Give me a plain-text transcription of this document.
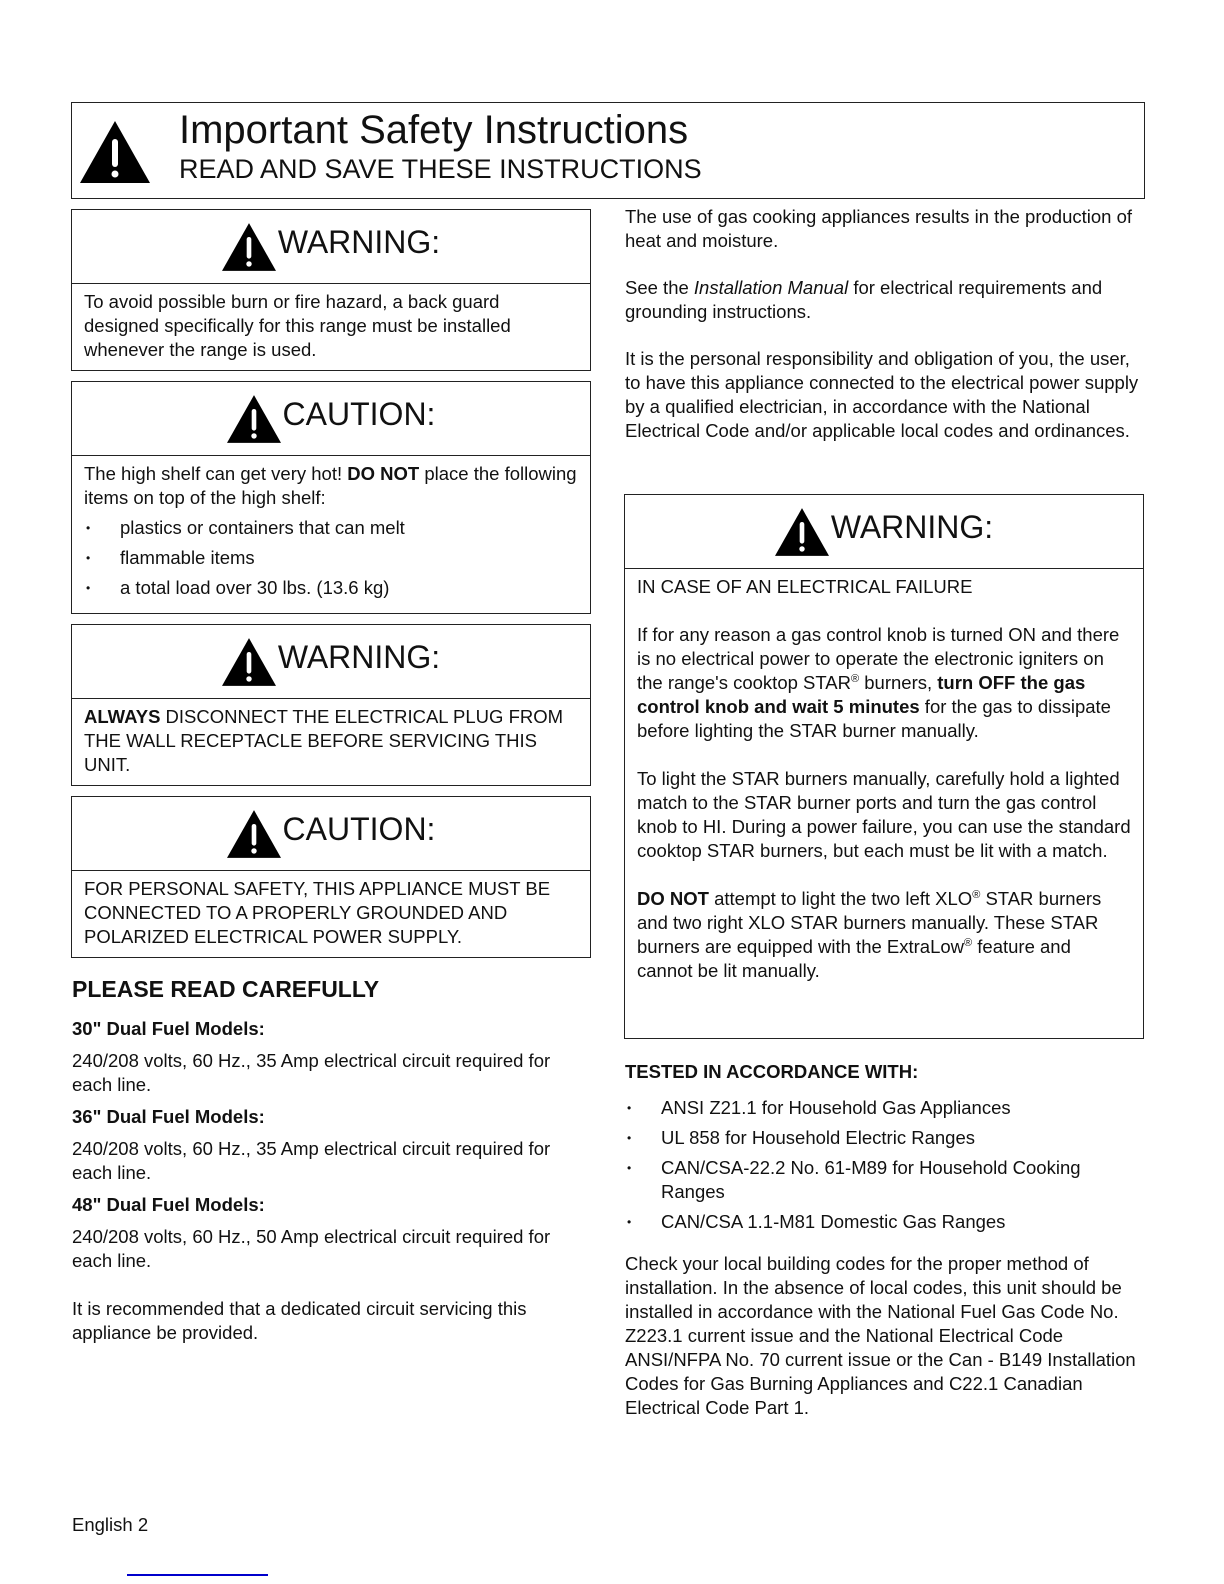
Important Safety Instructions
READ AND SAVE THESE INSTRUCTIONS
WARNING:

To avoid possible burn or fire hazard, a back guard designed specifically for this range must be installed whenever the range is used.

CAUTION:

The high shelf can get very hot! DO NOT place the following items on top of the high shelf:

• plastics or containers that can melt
• flammable items
• a total load over 30 lbs. (13.6 kg)
WARNING:

ALWAYS DISCONNECT THE ELECTRICAL PLUG FROM THE WALL RECEPTACLE BEFORE SERVICING THIS UNIT.

CAUTION:

FOR PERSONAL SAFETY, THIS APPLIANCE MUST BE CONNECTED TO A PROPERLY GROUNDED AND POLARIZED ELECTRICAL POWER SUPPLY.

PLEASE READ CAREFULLY
30" Dual Fuel Models:

240/208 volts, 60 Hz., 35 Amp electrical circuit required for each line.

36" Dual Fuel Models:

240/208 volts, 60 Hz., 35 Amp electrical circuit required for each line.

48" Dual Fuel Models:

240/208 volts, 60 Hz., 50 Amp electrical circuit required for each line.

It is recommended that a dedicated circuit servicing this appliance be provided.

The use of gas cooking appliances results in the production of heat and moisture.

See the Installation Manual for electrical requirements and grounding instructions.

It is the personal responsibility and obligation of you, the user, to have this appliance connected to the electrical power supply by a qualified electrician, in accordance with the National Electrical Code and/or applicable local codes and ordinances.

WARNING:

IN CASE OF AN ELECTRICAL FAILURE

If for any reason a gas control knob is turned ON and there is no electrical power to operate the electronic igniters on the range's cooktop STAR® burners, turn OFF the gas control knob and wait 5 minutes for the gas to dissipate before lighting the STAR burner manually.

To light the STAR burners manually, carefully hold a lighted match to the STAR burner ports and turn the gas control knob to HI. During a power failure, you can use the standard cooktop STAR burners, but each must be lit with a match.

DO NOT attempt to light the two left XLO® STAR burners and two right XLO STAR burners manually. These STAR burners are equipped with the ExtraLow® feature and cannot be lit manually.

TESTED IN ACCORDANCE WITH:
• ANSI Z21.1 for Household Gas Appliances
• UL 858 for Household Electric Ranges
• CAN/CSA-22.2 No. 61-M89 for Household Cooking Ranges
• CAN/CSA 1.1-M81 Domestic Gas Ranges

Check your local building codes for the proper method of installation. In the absence of local codes, this unit should be installed in accordance with the National Fuel Gas Code No. Z223.1 current issue and the National Electrical Code ANSI/NFPA No. 70 current issue or the Can - B149 Installation Codes for Gas Burning Appliances and C22.1 Canadian Electrical Code Part 1.

English 2
